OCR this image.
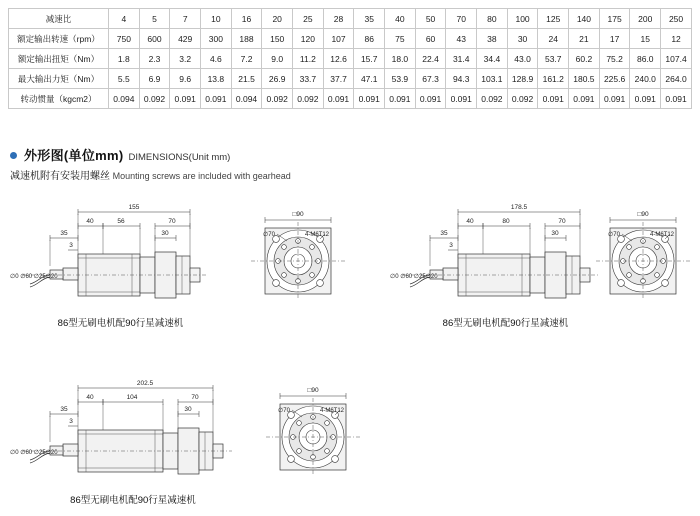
减速比	4	5	7	10	16	20	25	28	35	40	50	70	80	100	125	140	175	200	250
额定输出转速（rpm）	750	600	429	300	188	150	120	107	86	75	60	43	38	30	24	21	17	15	12
额定输出扭矩（Nm）	1.8	2.3	3.2	4.6	7.2	9.0	11.2	12.6	15.7	18.0	22.4	31.4	34.4	43.0	53.7	60.2	75.2	86.0	107.4
最大输出力矩（Nm）	5.5	6.9	9.6	13.8	21.5	26.9	33.7	37.7	47.1	53.9	67.3	94.3	103.1	128.9	161.2	180.5	225.6	240.0	264.0
转动惯量（kgcm2）	0.094	0.092	0.091	0.091	0.094	0.092	0.092	0.091	0.091	0.091	0.091	0.091	0.092	0.092	0.091	0.091	0.091	0.091	0.091
外形图(单位mm) DIMENSIONS(Unit mm)
减速机附有安装用螺丝 Mounting screws are included with gearhead
155
70
40	56
30
35
3
∅0 ∅60 ∅25∅20
86型无刷电机配90行星减速机
□90
∅70	4-M6T12
178.5
70
40	80
30
35
3
∅0 ∅60 ∅25∅20
86型无刷电机配90行星减速机
□90
∅70	4-M6T12
202.5
70
40	104
30
35
3
∅0 ∅60 ∅25∅20
86型无刷电机配90行星减速机
□90
∅70	4-M6T12
